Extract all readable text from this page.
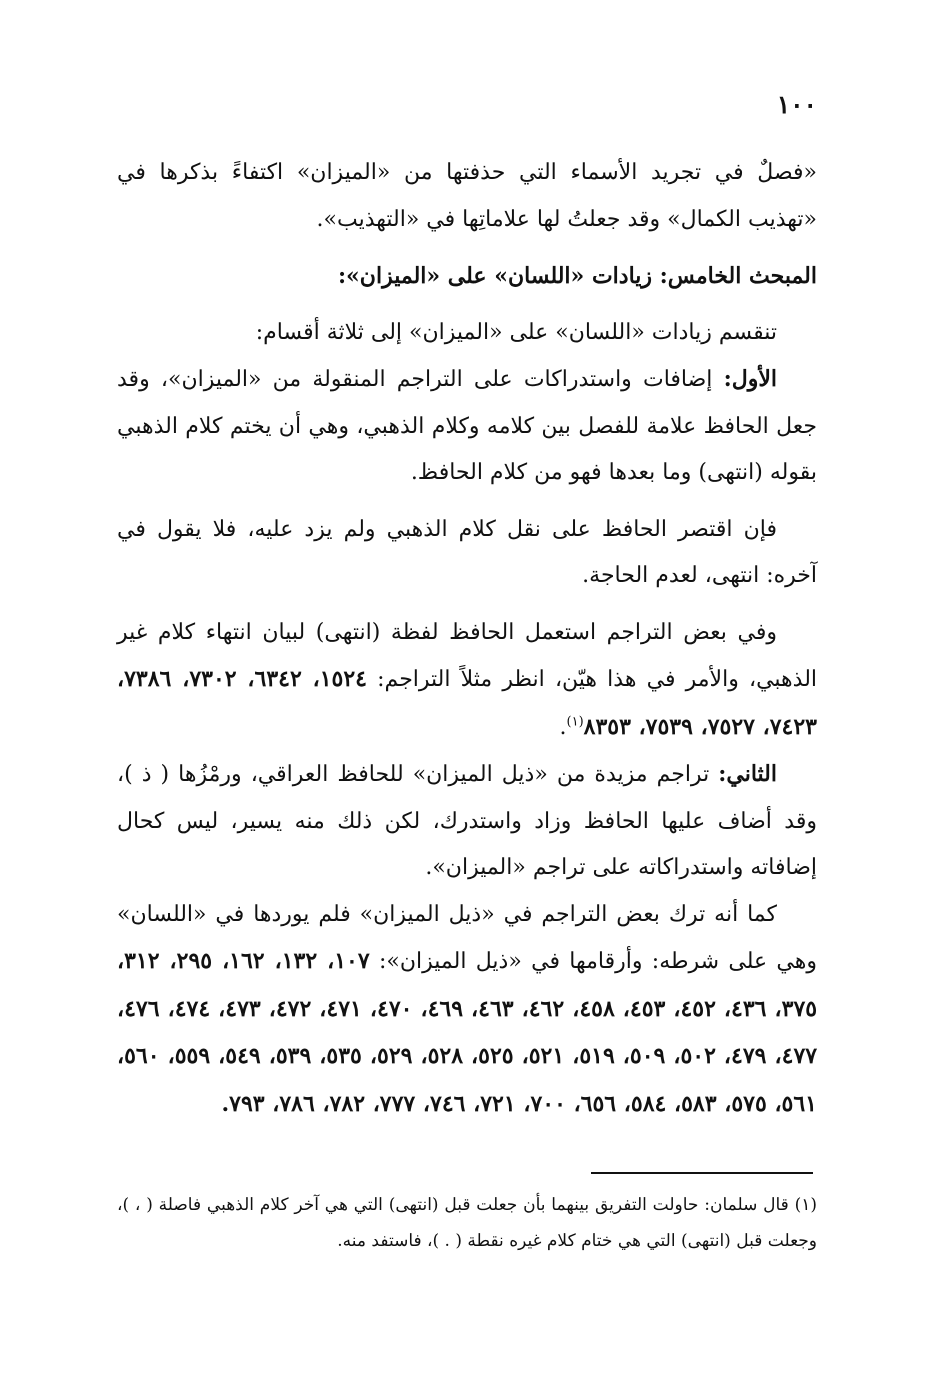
١٠٠

«فصلٌ في تجريد الأسماء التي حذفتها من «الميزان» اكتفاءً بذكرها في «تهذيب الكمال» وقد جعلتُ لها علاماتِها في «التهذيب».

المبحث الخامس: زيادات «اللسان» على «الميزان»:

تنقسم زيادات «اللسان» على «الميزان» إلى ثلاثة أقسام:

الأول: إضافات واستدراكات على التراجم المنقولة من «الميزان»، وقد جعل الحافظ علامة للفصل بين كلامه وكلام الذهبي، وهي أن يختم كلام الذهبي بقوله (انتهى) وما بعدها فهو من كلام الحافظ.

فإن اقتصر الحافظ على نقل كلام الذهبي ولم يزد عليه، فلا يقول في آخره: انتهى، لعدم الحاجة.

وفي بعض التراجم استعمل الحافظ لفظة (انتهى) لبيان انتهاء كلام غير الذهبي، والأمر في هذا هيّن، انظر مثلاً التراجم: ١٥٢٤، ٦٣٤٢، ٧٣٠٢، ٧٣٨٦، ٧٤٢٣، ٧٥٢٧، ٧٥٣٩، ٨٣٥٣$^{(١)}$.

الثاني: تراجم مزيدة من «ذيل الميزان» للحافظ العراقي، ورمْزُها ( ذ )، وقد أضاف عليها الحافظ وزاد واستدرك، لكن ذلك منه يسير، ليس كحال إضافاته واستدراكاته على تراجم «الميزان».

كما أنه ترك بعض التراجم في «ذيل الميزان» فلم يوردها في «اللسان» وهي على شرطه: وأرقامها في «ذيل الميزان»: ١٠٧، ١٣٢، ١٦٢، ٢٩٥، ٣١٢، ٣٧٥، ٤٣٦، ٤٥٢، ٤٥٣، ٤٥٨، ٤٦٢، ٤٦٣، ٤٦٩، ٤٧٠، ٤٧١، ٤٧٢، ٤٧٣، ٤٧٤، ٤٧٦، ٤٧٧، ٤٧٩، ٥٠٢، ٥٠٩، ٥١٩، ٥٢١، ٥٢٥، ٥٢٨، ٥٢٩، ٥٣٥، ٥٣٩، ٥٤٩، ٥٥٩، ٥٦٠، ٥٦١، ٥٧٥، ٥٨٣، ٥٨٤، ٦٥٦، ٧٠٠، ٧٢١، ٧٤٦، ٧٧٧، ٧٨٢، ٧٨٦، ٧٩٣.

(١) قال سلمان: حاولت التفريق بينهما بأن جعلت قبل (انتهى) التي هي آخر كلام الذهبي فاصلة ( ، )، وجعلت قبل (انتهى) التي هي ختام كلام غيره نقطة ( . )، فاستفد منه.
